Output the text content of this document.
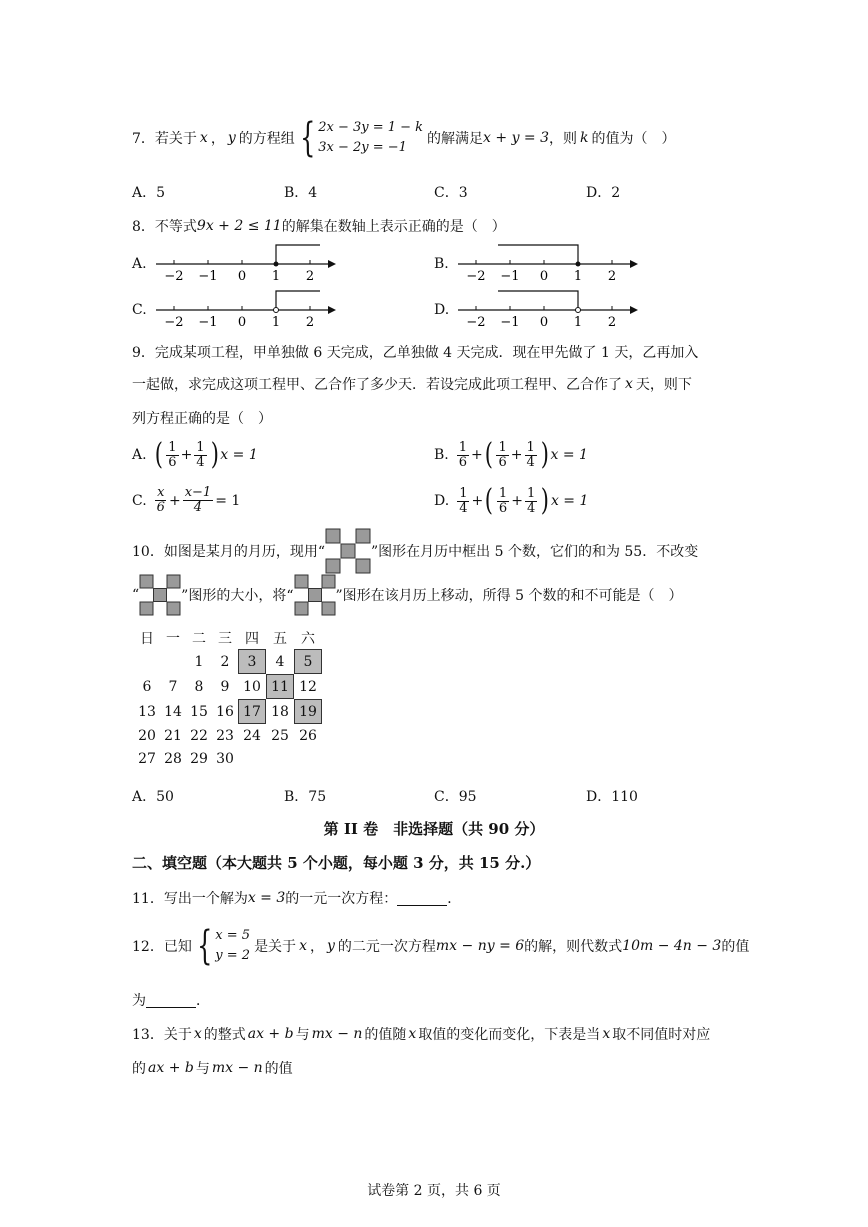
7．若关于 x ， y 的方程组 { 2x − 3y = 1 − k
3x − 2y = −1
的解满足 x + y = 3 ，则 k 的值为（　）
A．5	B．4	C．3	D．2
8．不等式 9x + 2 ≤ 11 的解集在数轴上表示正确的是（　）
A.	B.
C.	D.
−2 −1 0 1 2	−2 −1 0 1 2
−2 −1 0 1 2	−2 −1 0 1 2
9．完成某项工程，甲单独做 6 天完成，乙单独做 4 天完成．现在甲先做了 1 天，乙再加入
一起做，求完成这项工程甲、乙合作了多少天．若设完成此项工程甲、乙合作了 x 天，则下
列方程正确的是（　）
A. ( $\frac{1}{6} + \frac{1}{4}$ ) x = 1	B. $\frac{1}{6}$ + ( $\frac{1}{6} + \frac{1}{4}$ ) x = 1
C. $\frac{x}{6} + \frac{x-1}{4} = 1$	D. $\frac{1}{4}$ + ( $\frac{1}{6} + \frac{1}{4}$ ) x = 1
10．如图是某月的月历，现用“	”图形在月历中框出 5 个数，它们的和为 55．不改变
“	”图形的大小，将“	”图形在该月历上移动，所得 5 个数的和不可能是（　）
日	一	二	三	四	五	六
		1	2	3	4	5
6	7	8	9	10	11	12
13	14	15	16	17	18	19
20	21	22	23	24	25	26
27	28	29	30			
A．50	B．75	C．95	D．110
第 II 卷　非选择题（共 90 分）
二、填空题（本大题共 5 个小题，每小题 3 分，共 15 分.）
11．写出一个解为 x = 3 的一元一次方程：	．
12．已知 { x = 5
y = 2
是关于 x ， y 的二元一次方程 mx − ny = 6 的解，则代数式 10m − 4n − 3 的值
为	．
13．关于 x 的整式 ax + b 与 mx − n 的值随 x 取值的变化而变化，下表是当 x 取不同值时对应
的 ax + b 与 mx − n 的值
试卷第 2 页，共 6 页
